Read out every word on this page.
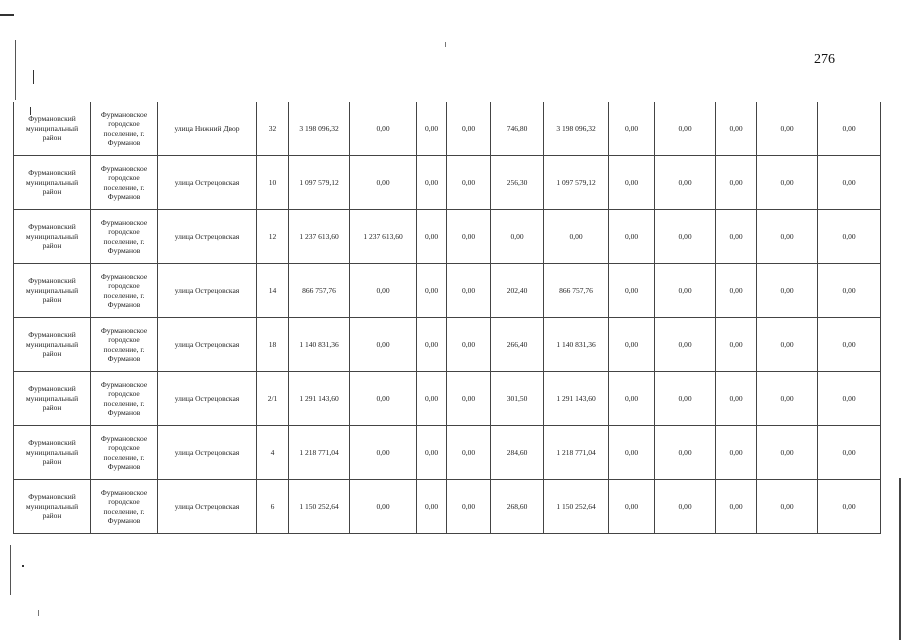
276
Фурмановский муниципальный район	Фурмановское городское поселение, г. Фурманов	улица Нижний Двор	32	3 198 096,32	0,00	0,00	0,00	746,80	3 198 096,32	0,00	0,00	0,00	0,00	0,00
Фурмановский муниципальный район	Фурмановское городское поселение, г. Фурманов	улица Острецовская	10	1 097 579,12	0,00	0,00	0,00	256,30	1 097 579,12	0,00	0,00	0,00	0,00	0,00
Фурмановский муниципальный район	Фурмановское городское поселение, г. Фурманов	улица Острецовская	12	1 237 613,60	1 237 613,60	0,00	0,00	0,00	0,00	0,00	0,00	0,00	0,00	0,00
Фурмановский муниципальный район	Фурмановское городское поселение, г. Фурманов	улица Острецовская	14	866 757,76	0,00	0,00	0,00	202,40	866 757,76	0,00	0,00	0,00	0,00	0,00
Фурмановский муниципальный район	Фурмановское городское поселение, г. Фурманов	улица Острецовская	18	1 140 831,36	0,00	0,00	0,00	266,40	1 140 831,36	0,00	0,00	0,00	0,00	0,00
Фурмановский муниципальный район	Фурмановское городское поселение, г. Фурманов	улица Острецовская	2/1	1 291 143,60	0,00	0,00	0,00	301,50	1 291 143,60	0,00	0,00	0,00	0,00	0,00
Фурмановский муниципальный район	Фурмановское городское поселение, г. Фурманов	улица Острецовская	4	1 218 771,04	0,00	0,00	0,00	284,60	1 218 771,04	0,00	0,00	0,00	0,00	0,00
Фурмановский муниципальный район	Фурмановское городское поселение, г. Фурманов	улица Острецовская	6	1 150 252,64	0,00	0,00	0,00	268,60	1 150 252,64	0,00	0,00	0,00	0,00	0,00
